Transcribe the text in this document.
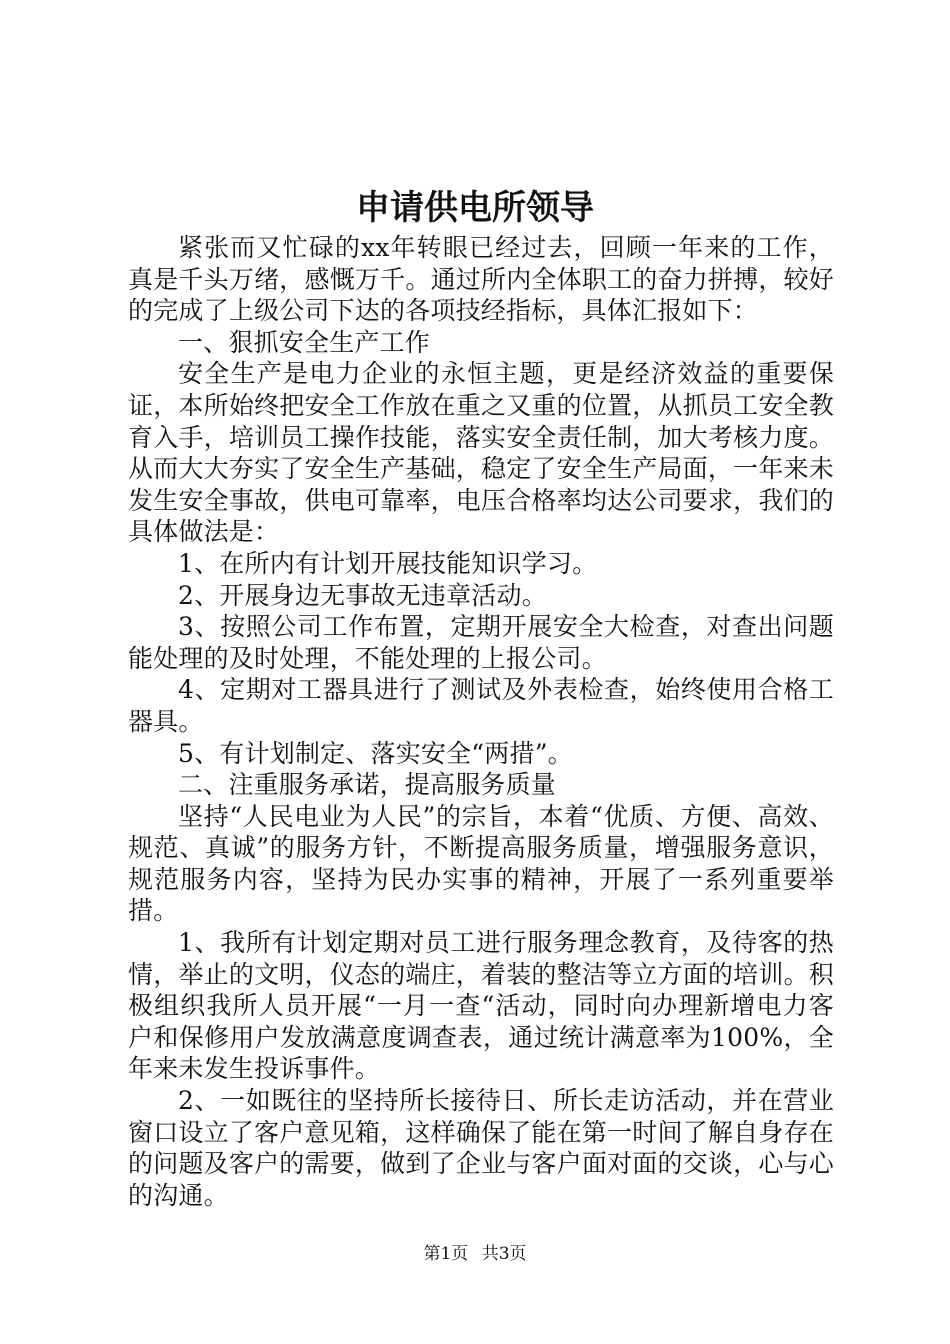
申请供电所领导

紧张而又忙碌的xx年转眼已经过去，回顾一年来的工作，真是千头万绪，感慨万千。通过所内全体职工的奋力拼搏，较好的完成了上级公司下达的各项技经指标，具体汇报如下：

一、狠抓安全生产工作

安全生产是电力企业的永恒主题，更是经济效益的重要保证，本所始终把安全工作放在重之又重的位置，从抓员工安全教育入手，培训员工操作技能，落实安全责任制，加大考核力度。从而大大夯实了安全生产基础，稳定了安全生产局面，一年来未发生安全事故，供电可靠率，电压合格率均达公司要求，我们的具体做法是：

1、在所内有计划开展技能知识学习。

2、开展身边无事故无违章活动。

3、按照公司工作布置，定期开展安全大检查，对查出问题能处理的及时处理，不能处理的上报公司。

4、定期对工器具进行了测试及外表检查，始终使用合格工器具。

5、有计划制定、落实安全“两措”。

二、注重服务承诺，提高服务质量

坚持“人民电业为人民”的宗旨，本着“优质、方便、高效、规范、真诚”的服务方针，不断提高服务质量，增强服务意识，规范服务内容，坚持为民办实事的精神，开展了一系列重要举措。

1、我所有计划定期对员工进行服务理念教育，及待客的热情，举止的文明，仪态的端庄，着装的整洁等立方面的培训。积极组织我所人员开展“一月一查“活动，同时向办理新增电力客户和保修用户发放满意度调查表，通过统计满意率为100%，全年来未发生投诉事件。

2、一如既往的坚持所长接待日、所长走访活动，并在营业窗口设立了客户意见箱，这样确保了能在第一时间了解自身存在的问题及客户的需要，做到了企业与客户面对面的交谈，心与心的沟通。

第1页 共3页
